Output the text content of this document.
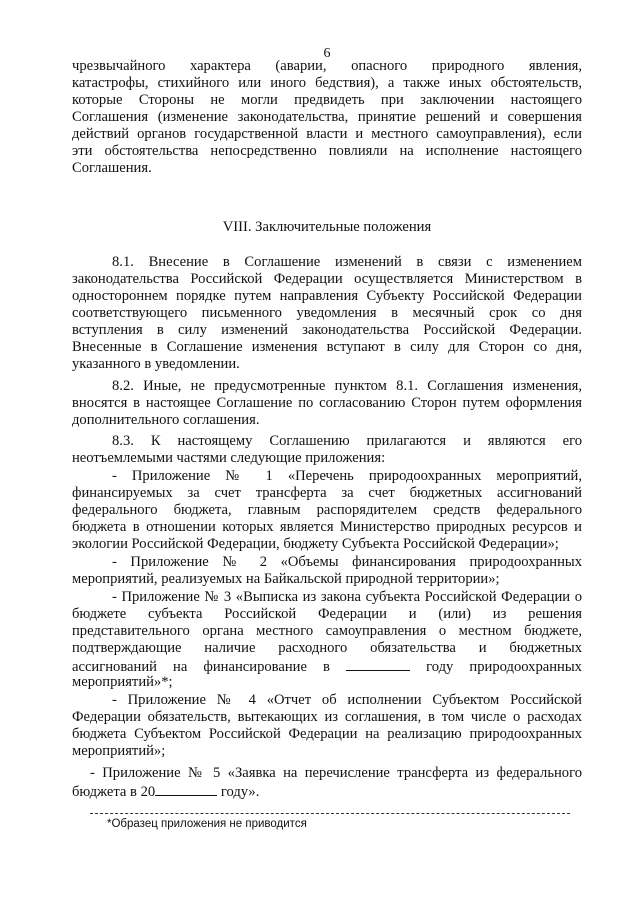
6
чрезвычайного характера (аварии, опасного природного явления,
катастрофы, стихийного или иного бедствия), а также иных обстоятельств,
которые Стороны не могли предвидеть при заключении настоящего
Соглашения (изменение законодательства, принятие решений и совершения
действий органов государственной власти и местного самоуправления), если
эти обстоятельства непосредственно повлияли на исполнение настоящего
Соглашения.
VIII. Заключительные положения
8.1. Внесение в Соглашение изменений в связи с изменением
законодательства Российской Федерации осуществляется Министерством в
одностороннем порядке путем направления Субъекту Российской Федерации
соответствующего письменного уведомления в месячный срок со дня
вступления в силу изменений законодательства Российской Федерации.
Внесенные в Соглашение изменения вступают в силу для Сторон со дня,
указанного в уведомлении.
8.2. Иные, не предусмотренные пунктом 8.1. Соглашения изменения,
вносятся в настоящее Соглашение по согласованию Сторон путем оформления
дополнительного соглашения.
8.3. К настоящему Соглашению прилагаются и являются его
неотъемлемыми частями следующие приложения:
- Приложение № 1 «Перечень природоохранных мероприятий,
финансируемых за счет трансферта за счет бюджетных ассигнований
федерального бюджета, главным распорядителем средств федерального
бюджета в отношении которых является Министерство природных ресурсов и
экологии Российской Федерации, бюджету Субъекта Российской Федерации»;
- Приложение № 2 «Объемы финансирования природоохранных
мероприятий, реализуемых на Байкальской природной территории»;
- Приложение № 3 «Выписка из закона субъекта Российской Федерации о
бюджете субъекта Российской Федерации и (или) из решения
представительного органа местного самоуправления о местном бюджете,
подтверждающие наличие расходного обязательства и бюджетных
ассигнований на финансирование в	году природоохранных
мероприятий»*;
- Приложение № 4 «Отчет об исполнении Субъектом Российской
Федерации обязательств, вытекающих из соглашения, в том числе о расходах
бюджета Субъектом Российской Федерации на реализацию природоохранных
мероприятий»;
- Приложение № 5 «Заявка на перечисление трансферта из федерального
бюджета в 20	году».
*Образец приложения не приводится
